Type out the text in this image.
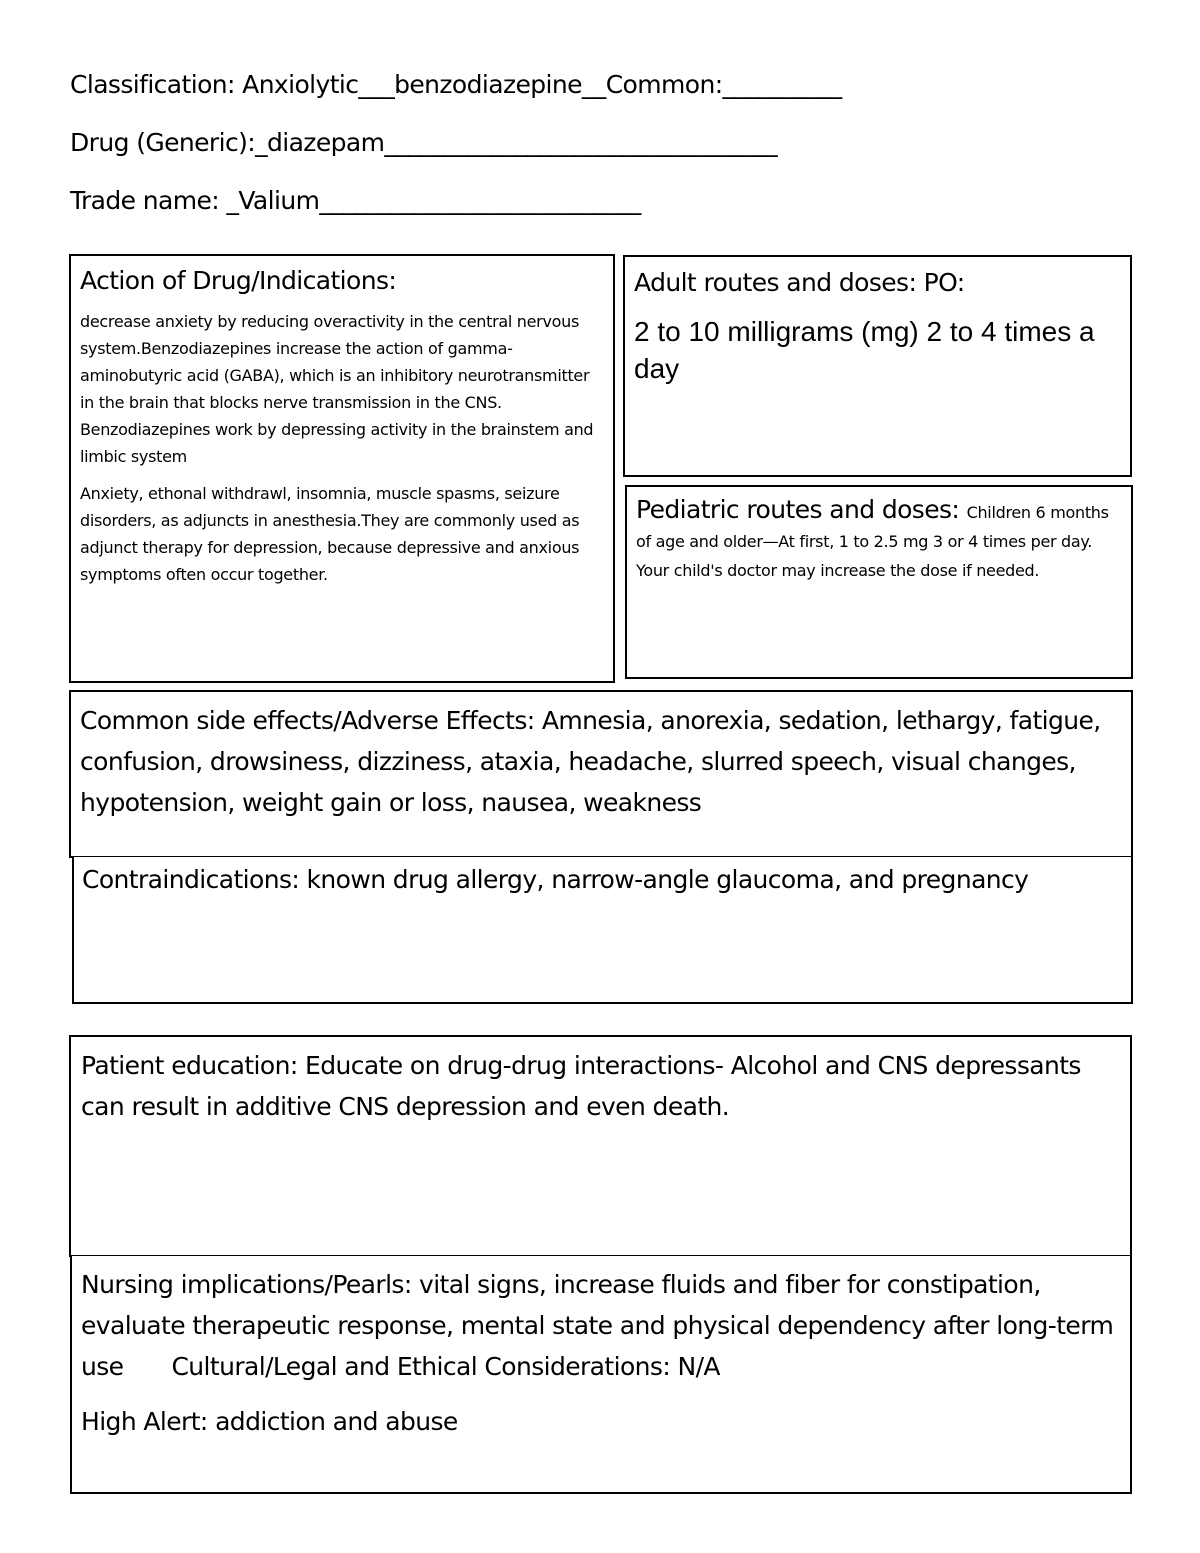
Classification: Anxiolytic___benzodiazepine__Common:__________
Drug (Generic):_diazepam_________________________________
Trade name: _Valium___________________________
Action of Drug/Indications:

decrease anxiety by reducing overactivity in the central nervous system.Benzodiazepines increase the action of gamma-aminobutyric acid (GABA), which is an inhibitory neurotransmitter in the brain that blocks nerve transmission in the CNS. Benzodiazepines work by depressing activity in the brainstem and limbic system

Anxiety, ethonal withdrawl, insomnia, muscle spasms, seizure disorders, as adjuncts in anesthesia.They are commonly used as adjunct therapy for depression, because depressive and anxious symptoms often occur together.

Adult routes and doses: PO:
2 to 10 milligrams (mg) 2 to 4 times a day
Pediatric routes and doses: Children 6 months of age and older—At first, 1 to 2.5 mg 3 or 4 times per day. Your child's doctor may increase the dose if needed.
Common side effects/Adverse Effects: Amnesia, anorexia, sedation, lethargy, fatigue, confusion, drowsiness, dizziness, ataxia, headache, slurred speech, visual changes, hypotension, weight gain or loss, nausea, weakness
Contraindications: known drug allergy, narrow-angle glaucoma, and pregnancy
Patient education: Educate on drug-drug interactions- Alcohol and CNS depressants can result in additive CNS depression and even death.
Nursing implications/Pearls: vital signs, increase fluids and fiber for constipation, evaluate therapeutic response, mental state and physical dependency after long-term use Cultural/Legal and Ethical Considerations: N/A
High Alert: addiction and abuse
